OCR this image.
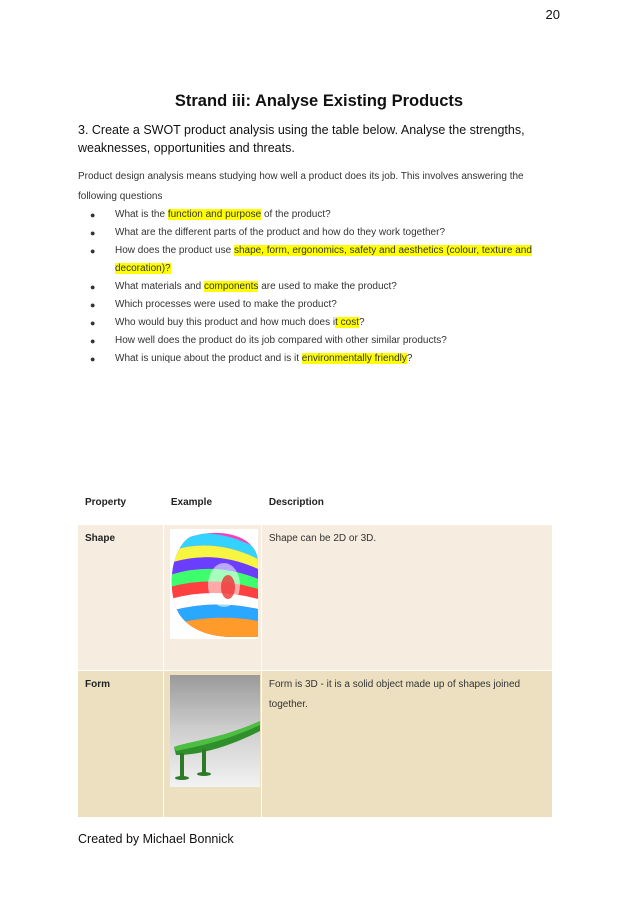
20
Strand iii: Analyse Existing Products
3. Create a SWOT product analysis using the table below. Analyse the strengths, weaknesses, opportunities and threats.
Product design analysis means studying how well a product does its job. This involves answering the following questions
● What is the function and purpose of the product?
● What are the different parts of the product and how do they work together?
● How does the product use shape, form, ergonomics, safety and aesthetics (colour, texture and decoration)?
● What materials and components are used to make the product?
● Which processes were used to make the product?
● Who would buy this product and how much does it cost?
● How well does the product do its job compared with other similar products?
● What is unique about the product and is it environmentally friendly?
Property	Example	Description
Shape		Shape can be 2D or 3D.
Form		Form is 3D - it is a solid object made up of shapes joined together.
Created by Michael Bonnick
